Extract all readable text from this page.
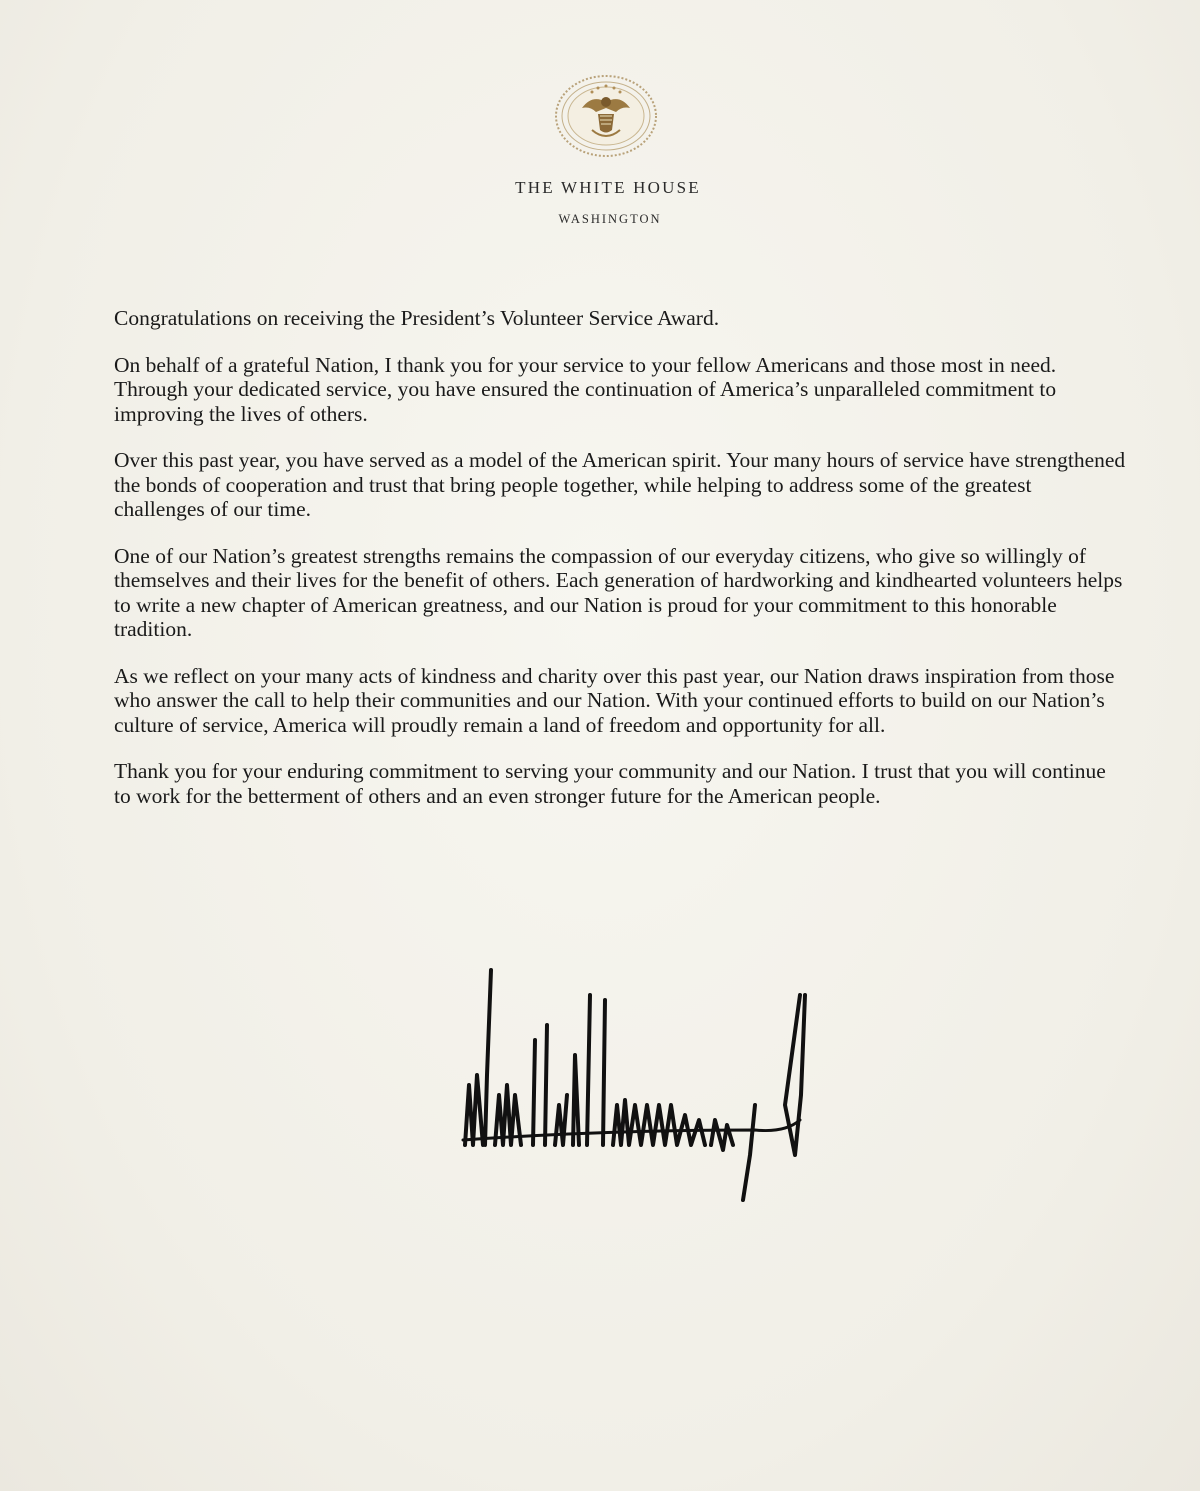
THE WHITE HOUSE
WASHINGTON

Congratulations on receiving the President’s Volunteer Service Award.

On behalf of a grateful Nation, I thank you for your service to your fellow Americans and those most in need. Through your dedicated service, you have ensured the continuation of America’s unparalleled commitment to improving the lives of others.

Over this past year, you have served as a model of the American spirit. Your many hours of service have strengthened the bonds of cooperation and trust that bring people together, while helping to address some of the greatest challenges of our time.

One of our Nation’s greatest strengths remains the compassion of our everyday citizens, who give so willingly of themselves and their lives for the benefit of others. Each generation of hardworking and kindhearted volunteers helps to write a new chapter of American greatness, and our Nation is proud for your commitment to this honorable tradition.

As we reflect on your many acts of kindness and charity over this past year, our Nation draws inspiration from those who answer the call to help their communities and our Nation. With your continued efforts to build on our Nation’s culture of service, America will proudly remain a land of freedom and opportunity for all.

Thank you for your enduring commitment to serving your community and our Nation. I trust that you will continue to work for the betterment of others and an even stronger future for the American people.
